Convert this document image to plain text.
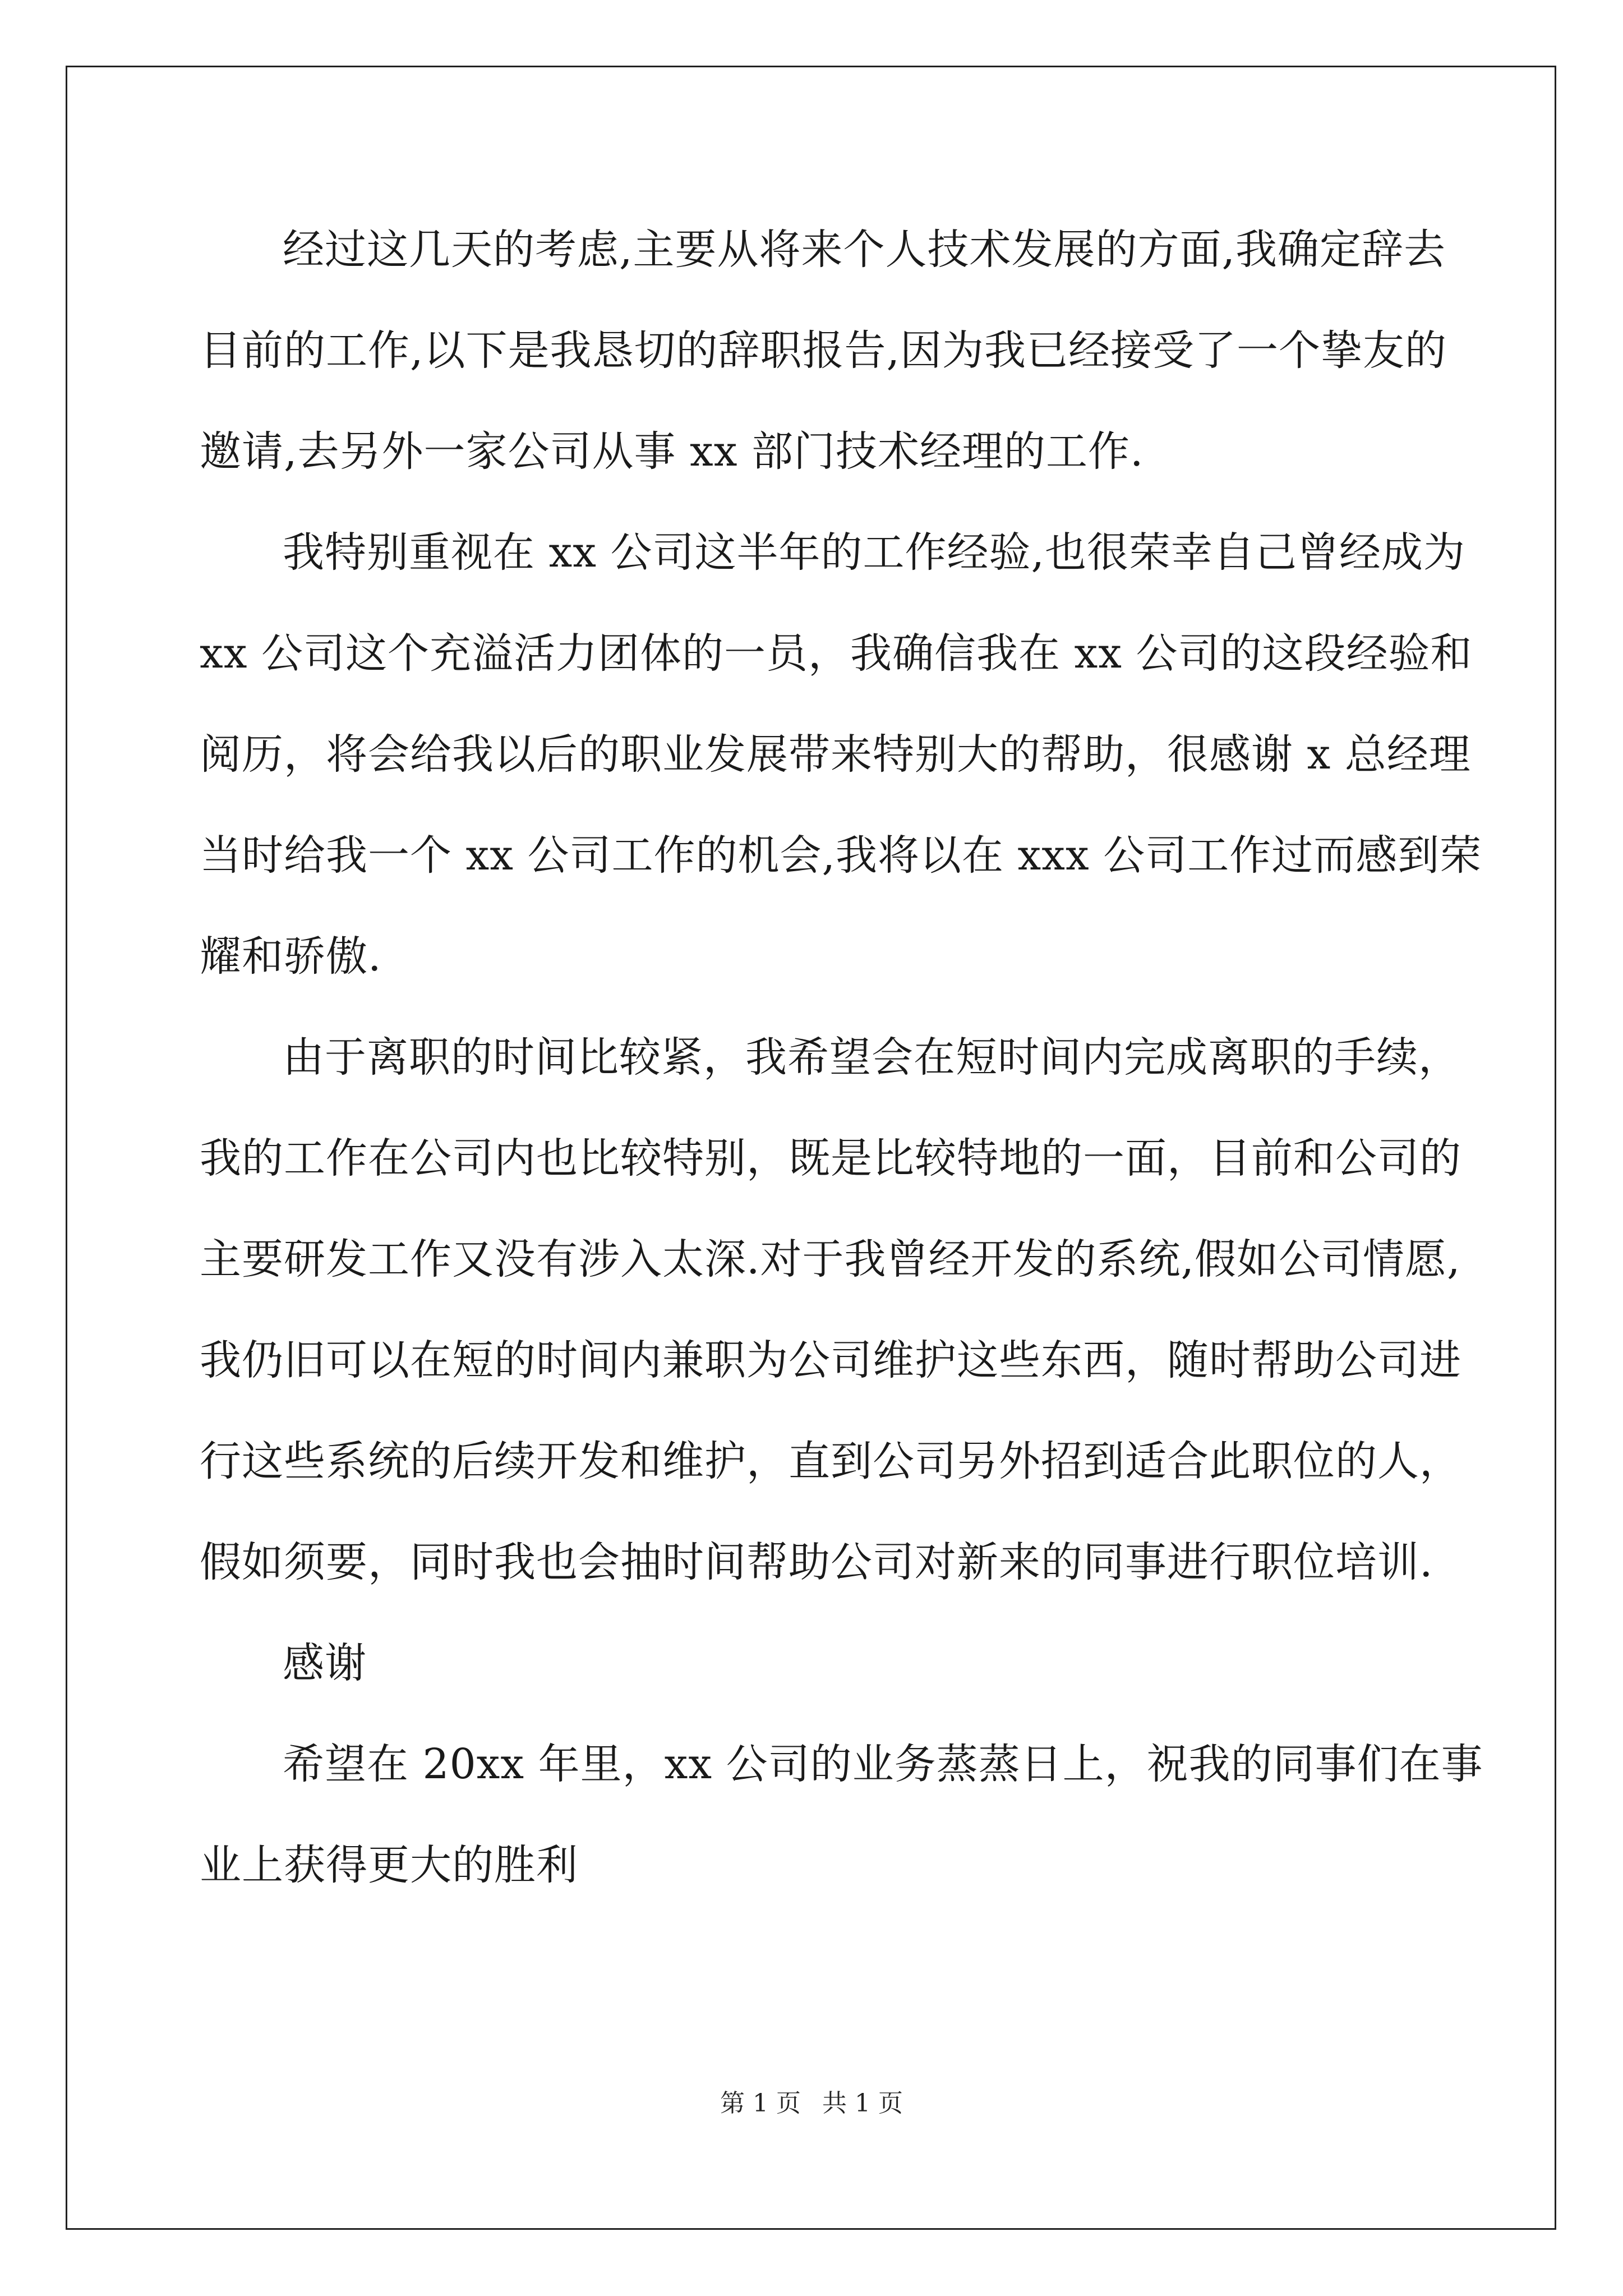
经过这几天的考虑,主要从将来个人技术发展的方面,我确定辞去
目前的工作,以下是我恳切的辞职报告,因为我已经接受了一个挚友的
邀请,去另外一家公司从事 xx 部门技术经理的工作.
我特别重视在 xx 公司这半年的工作经验,也很荣幸自己曾经成为
xx 公司这个充溢活力团体的一员，我确信我在 xx 公司的这段经验和
阅历，将会给我以后的职业发展带来特别大的帮助，很感谢 x 总经理
当时给我一个 xx 公司工作的机会,我将以在 xxx 公司工作过而感到荣
耀和骄傲.
由于离职的时间比较紧，我希望会在短时间内完成离职的手续，
我的工作在公司内也比较特别，既是比较特地的一面，目前和公司的
主要研发工作又没有涉入太深.对于我曾经开发的系统,假如公司情愿,
我仍旧可以在短的时间内兼职为公司维护这些东西，随时帮助公司进
行这些系统的后续开发和维护，直到公司另外招到适合此职位的人，
假如须要，同时我也会抽时间帮助公司对新来的同事进行职位培训.
感谢
希望在 20xx 年里，xx 公司的业务蒸蒸日上，祝我的同事们在事
业上获得更大的胜利
第 1 页 共 1 页
